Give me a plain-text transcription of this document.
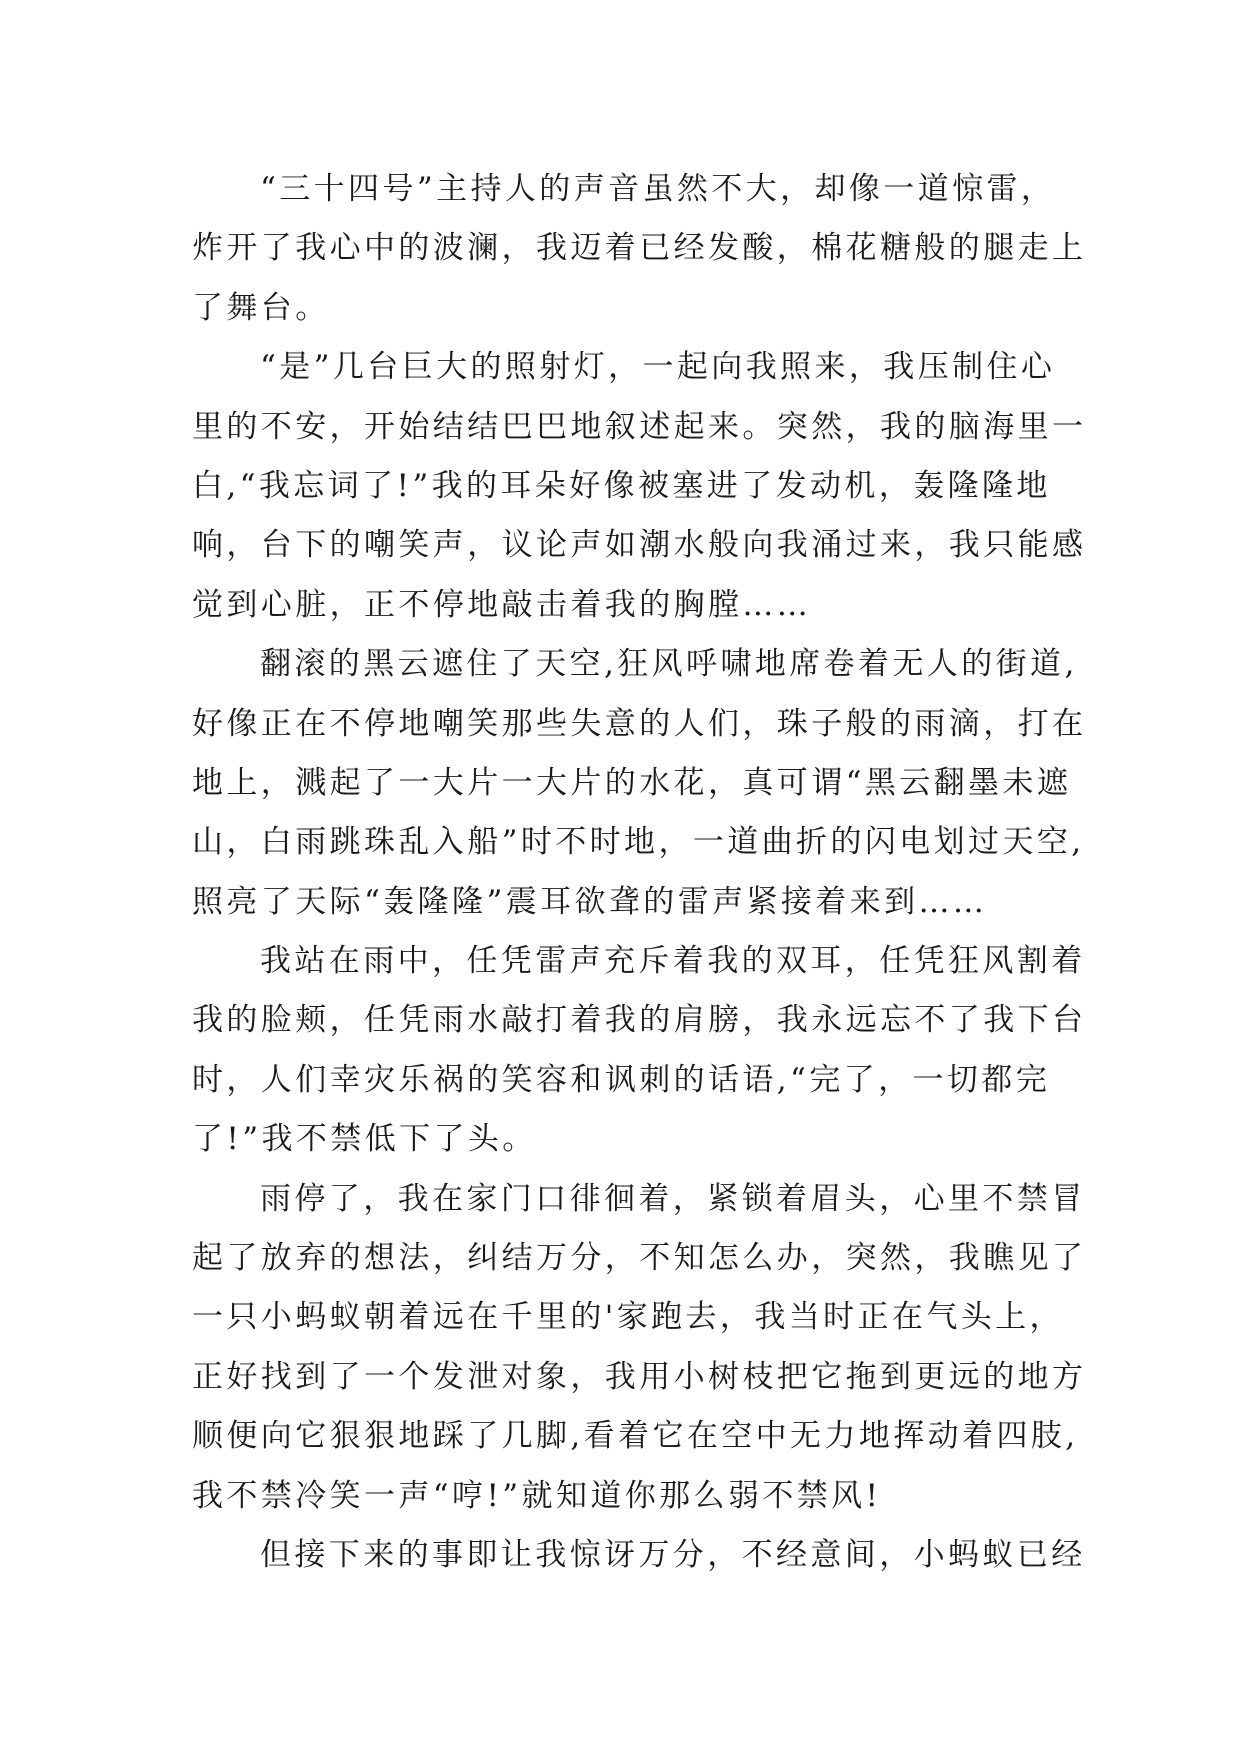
“三十四号”主持人的声音虽然不大，却像一道惊雷，
炸开了我心中的波澜，我迈着已经发酸，棉花糖般的腿走上
了舞台。
“是”几台巨大的照射灯，一起向我照来，我压制住心
里的不安，开始结结巴巴地叙述起来。突然，我的脑海里一
白,“我忘词了!”我的耳朵好像被塞进了发动机，轰隆隆地
响，台下的嘲笑声，议论声如潮水般向我涌过来，我只能感
觉到心脏，正不停地敲击着我的胸膛……
翻滚的黑云遮住了天空,狂风呼啸地席卷着无人的街道,
好像正在不停地嘲笑那些失意的人们，珠子般的雨滴，打在
地上，溅起了一大片一大片的水花，真可谓“黑云翻墨未遮
山，白雨跳珠乱入船”时不时地，一道曲折的闪电划过天空,
照亮了天际“轰隆隆”震耳欲聋的雷声紧接着来到……
我站在雨中，任凭雷声充斥着我的双耳，任凭狂风割着
我的脸颊，任凭雨水敲打着我的肩膀，我永远忘不了我下台
时，人们幸灾乐祸的笑容和讽刺的话语,“完了，一切都完
了!”我不禁低下了头。
雨停了，我在家门口徘徊着，紧锁着眉头，心里不禁冒
起了放弃的想法，纠结万分，不知怎么办，突然，我瞧见了
一只小蚂蚁朝着远在千里的'家跑去，我当时正在气头上，
正好找到了一个发泄对象，我用小树枝把它拖到更远的地方
顺便向它狠狠地踩了几脚,看着它在空中无力地挥动着四肢,
我不禁冷笑一声“哼!”就知道你那么弱不禁风!
但接下来的事即让我惊讶万分，不经意间，小蚂蚁已经
